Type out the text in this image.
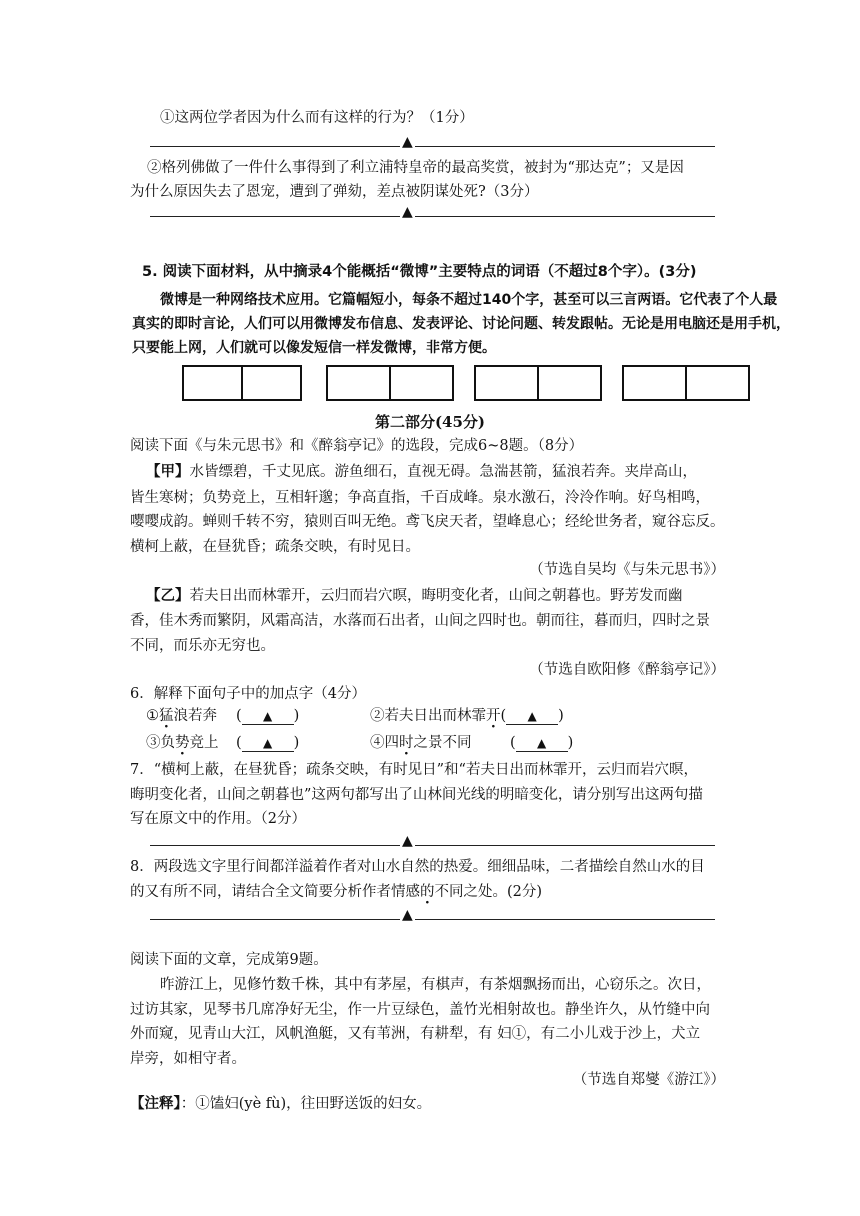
①这两位学者因为什么而有这样的行为？（1分）
▲
②格列佛做了一件什么事得到了利立浦特皇帝的最高奖赏，被封为“那达克”；又是因
为什么原因失去了恩宠，遭到了弹劾，差点被阴谋处死?（3分）
▲
5. 阅读下面材料，从中摘录4个能概括“微博”主要特点的词语（不超过8个字）。(3分)
微博是一种网络技术应用。它篇幅短小，每条不超过140个字，甚至可以三言两语。它代表了个人最
真实的即时言论，人们可以用微博发布信息、发表评论、讨论问题、转发跟帖。无论是用电脑还是用手机，
只要能上网，人们就可以像发短信一样发微博，非常方便。
第二部分(45分)
阅读下面《与朱元思书》和《醉翁亭记》的选段，完成6~8题。（8分）
【甲】水皆缥碧，千丈见底。游鱼细石，直视无碍。急湍甚箭，猛浪若奔。夹岸高山，
皆生寒树；负势竞上，互相轩邈；争高直指，千百成峰。泉水激石，泠泠作响。好鸟相鸣，
嘤嘤成韵。蝉则千转不穷，猿则百叫无绝。鸢飞戾天者，望峰息心；经纶世务者，窥谷忘反。
横柯上蔽，在昼犹昏；疏条交映，有时见日。
（节选自吴均《与朱元思书》）
【乙】若夫日出而林霏开，云归而岩穴暝，晦明变化者，山间之朝暮也。野芳发而幽
香，佳木秀而繁阴，风霜高洁，水落而石出者，山间之四时也。朝而往，暮而归，四时之景
不同，而乐亦无穷也。
（节选自欧阳修《醉翁亭记》）
6．解释下面句子中的加点字（4分）
①猛浪若奔 ( ▲ )	②若夫日出而林霏开( ▲ )
③负势竞上 ( ▲ )	④四时之景不同	( ▲ )
7．“横柯上蔽，在昼犹昏；疏条交映，有时见日”和“若夫日出而林霏开，云归而岩穴暝，
晦明变化者，山间之朝暮也”这两句都写出了山林间光线的明暗变化，请分别写出这两句描
写在原文中的作用。（2分）
▲
8．两段选文字里行间都洋溢着作者对山水自然的热爱。细细品味，二者描绘自然山水的目
的又有所不同，请结合全文简要分析作者情感的不同 ·之处。(2分)
▲
阅读下面的文章，完成第9题。
昨游江上，见修竹数千株，其中有茅屋，有棋声，有茶烟飘扬而出，心窃乐之。次日，
过访其家，见琴书几席净好无尘，作一片豆绿色，盖竹光相射故也。静坐许久，从竹缝中向
外而窥，见青山大江，风帆渔艇，又有苇洲，有耕犁，有 妇①，有二小儿戏于沙上，犬立
岸旁，如相守者。
（节选自郑燮《游江》）
【注释】：①馌妇(yè fù)，往田野送饭的妇女。
